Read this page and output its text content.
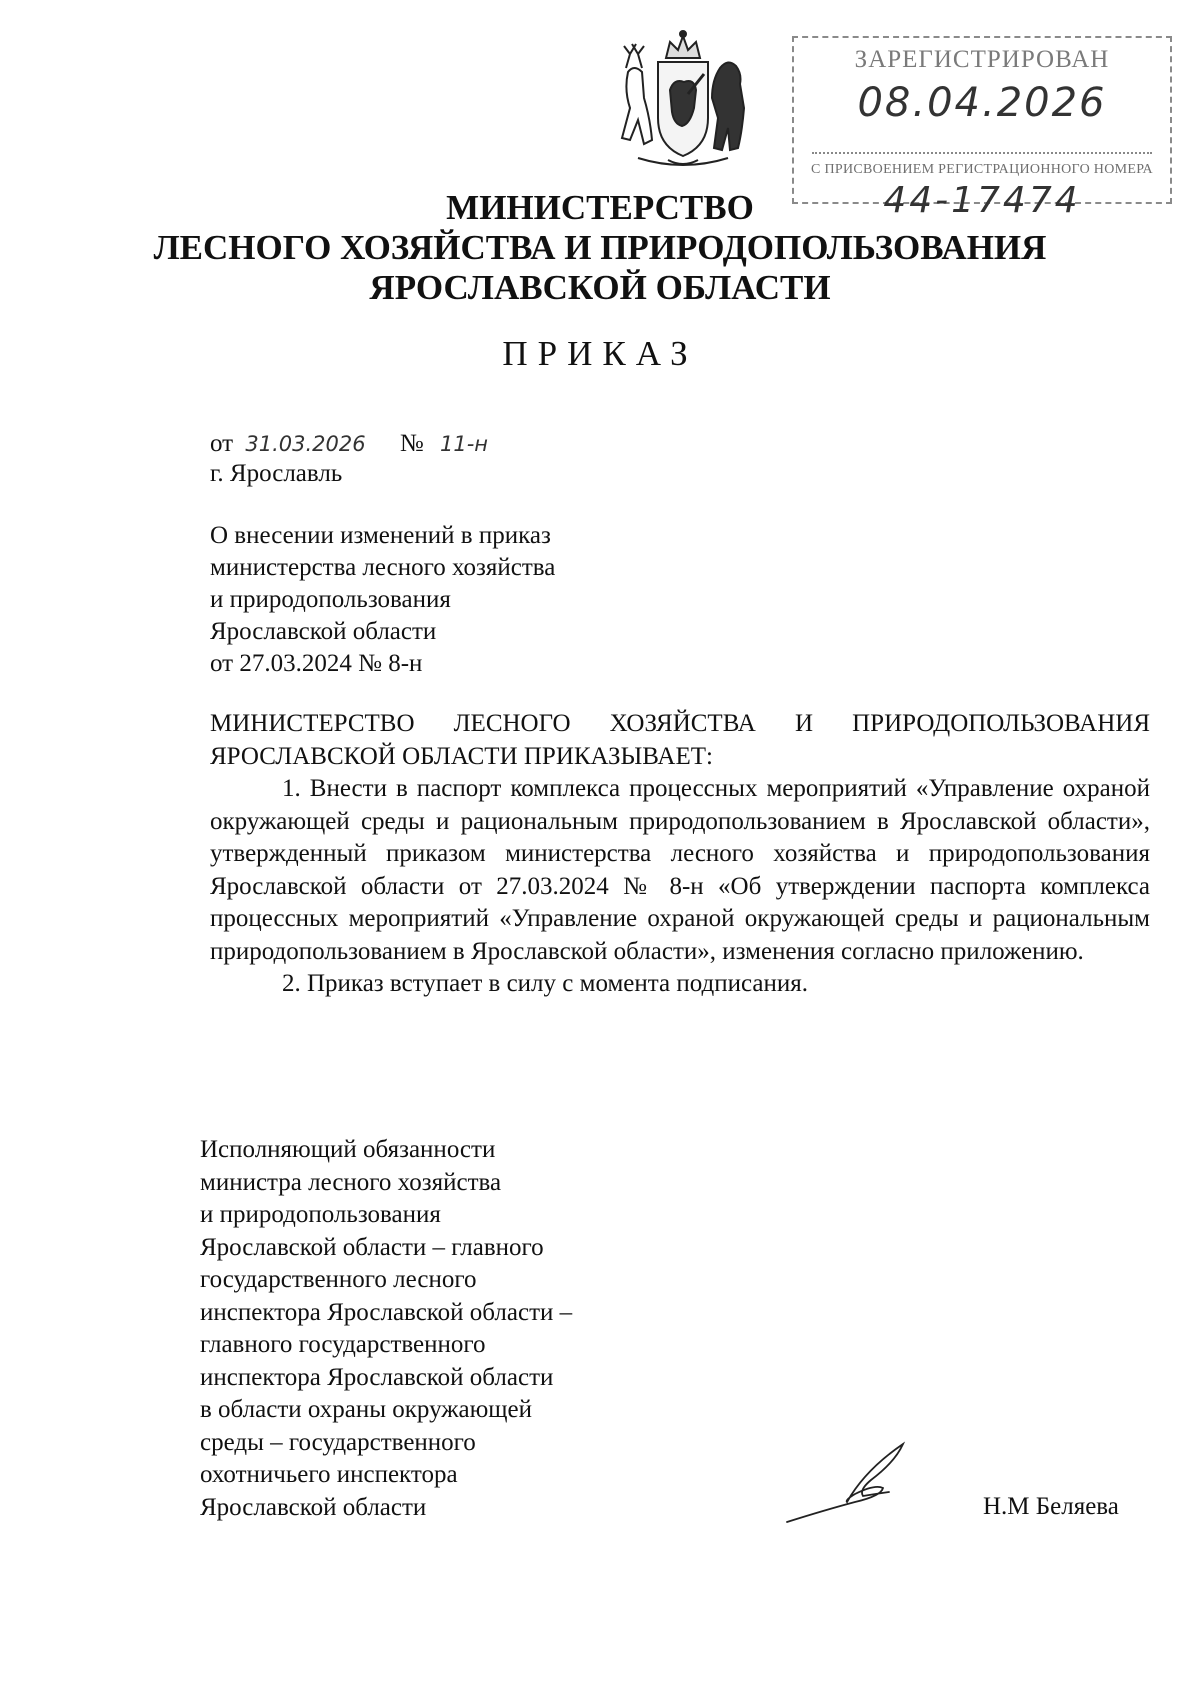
ЗАРЕГИСТРИРОВАН
08.04.2026
С ПРИСВОЕНИЕМ РЕГИСТРАЦИОННОГО НОМЕРА
44-17474
МИНИСТЕРСТВО
ЛЕСНОГО ХОЗЯЙСТВА И ПРИРОДОПОЛЬЗОВАНИЯ
ЯРОСЛАВСКОЙ ОБЛАСТИ
ПРИКАЗ
от 31.03.2026 № 11-н
г. Ярославль
О внесении изменений в приказ
министерства лесного хозяйства
и природопользования
Ярославской области
от 27.03.2024 № 8-н

МИНИСТЕРСТВО ЛЕСНОГО ХОЗЯЙСТВА И ПРИРОДОПОЛЬЗОВАНИЯ ЯРОСЛАВСКОЙ ОБЛАСТИ ПРИКАЗЫВАЕТ:

1. Внести в паспорт комплекса процессных мероприятий «Управление охраной окружающей среды и рациональным природопользованием в Ярославской области», утвержденный приказом министерства лесного хозяйства и природопользования Ярославской области от 27.03.2024 № 8-н «Об утверждении паспорта комплекса процессных мероприятий «Управление охраной окружающей среды и рациональным природопользованием в Ярославской области», изменения согласно приложению.

2. Приказ вступает в силу с момента подписания.

Исполняющий обязанности
министра лесного хозяйства
и природопользования
Ярославской области – главного
государственного лесного
инспектора Ярославской области –
главного государственного
инспектора Ярославской области
в области охраны окружающей
среды – государственного
охотничьего инспектора
Ярославской области	Н.М Беляева
